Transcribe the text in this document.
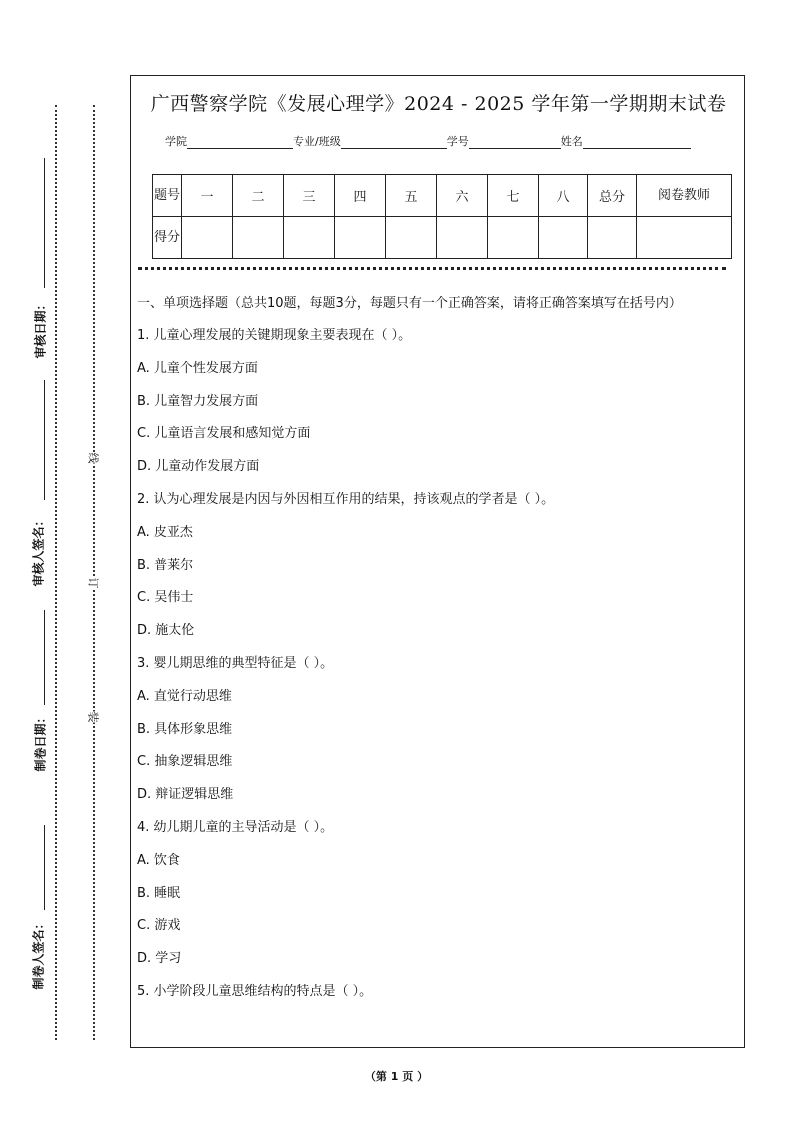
审核日期：
审核人签名：
制卷日期：
制卷人签名：
线
订
装
广西警察学院《发展心理学》2024 - 2025 学年第一学期期末试卷
学院	专业/班级	学号	姓名
题号	一	二	三	四	五	六	七	八	总分	阅卷教师
得分										
一、单项选择题（总共10题，每题3分，每题只有一个正确答案，请将正确答案填写在括号内）
1. 儿童心理发展的关键期现象主要表现在（ ）。
A. 儿童个性发展方面
B. 儿童智力发展方面
C. 儿童语言发展和感知觉方面
D. 儿童动作发展方面
2. 认为心理发展是内因与外因相互作用的结果，持该观点的学者是（ ）。
A. 皮亚杰
B. 普莱尔
C. 吴伟士
D. 施太伦
3. 婴儿期思维的典型特征是（ ）。
A. 直觉行动思维
B. 具体形象思维
C. 抽象逻辑思维
D. 辩证逻辑思维
4. 幼儿期儿童的主导活动是（ ）。
A. 饮食
B. 睡眠
C. 游戏
D. 学习
5. 小学阶段儿童思维结构的特点是（ ）。
（第 1 页 ）
